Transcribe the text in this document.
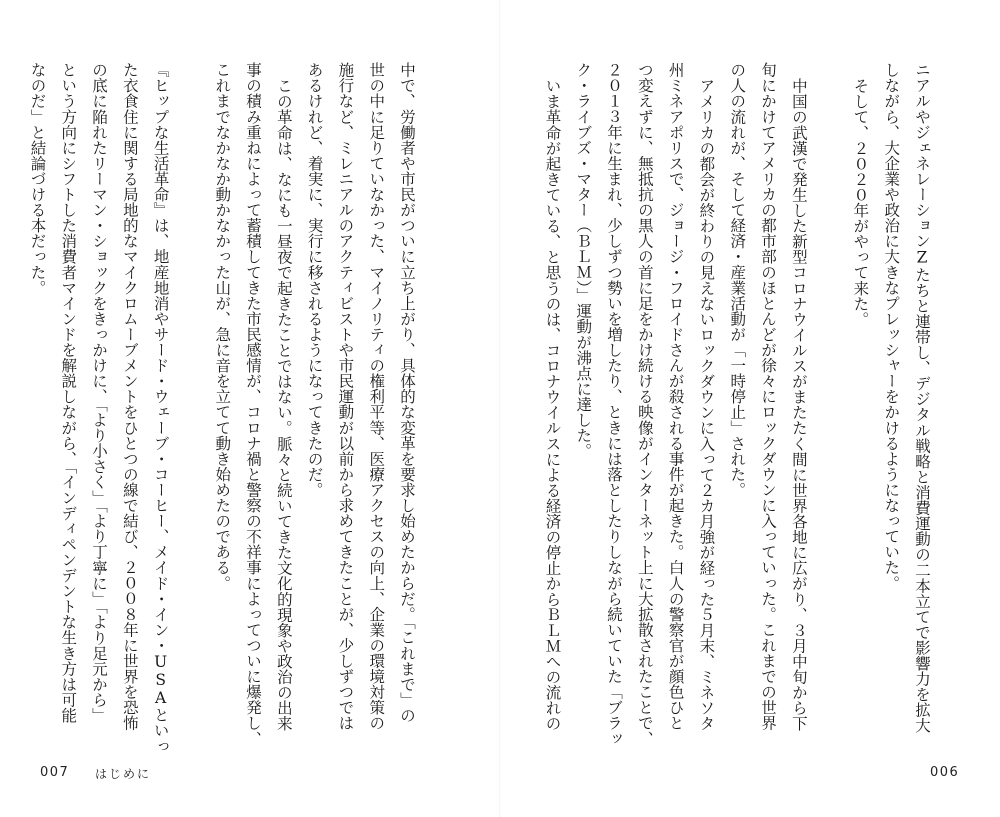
中で、労働者や市民がついに立ち上がり、具体的な変革を要求し始めたからだ。「これまで」の
世の中に足りていなかった、マイノリティの権利平等、医療アクセスの向上、企業の環境対策の
施行など、ミレニアルのアクティビストや市民運動が以前から求めてきたことが、少しずつでは
あるけれど、着実に、実行に移されるようになってきたのだ。
この革命は、なにも一昼夜で起きたことではない。脈々と続いてきた文化的現象や政治の出来
事の積み重ねによって蓄積してきた市民感情が、コロナ禍と警察の不祥事によってついに爆発し、
これまでなかなか動かなかった山が、急に音を立てて動き始めたのである。

『ヒップな生活革命』は、地産地消やサード・ウェーブ・コーヒー、メイド・イン・USAといっ
た衣食住に関する局地的なマイクロムーブメントをひとつの線で結び、２００８年に世界を恐怖
の底に陥れたリーマン・ショックをきっかけに、「より小さく」「より丁寧に」「より足元から」
という方向にシフトした消費者マインドを解説しながら、「インディペンデントな生き方は可能
なのだ」と結論づける本だった。
007 はじめに
ニアルやジェネレーションZたちと連帯し、デジタル戦略と消費運動の二本立てで影響力を拡大
しながら、大企業や政治に大きなプレッシャーをかけるようになっていた。
そして、２０２０年がやって来た。

中国の武漢で発生した新型コロナウイルスがまたたく間に世界各地に広がり、３月中旬から下
旬にかけてアメリカの都市部のほとんどが徐々にロックダウンに入っていった。これまでの世界
の人の流れが、そして経済・産業活動が「一時停止」された。
アメリカの都会が終わりの見えないロックダウンに入って２カ月強が経った５月末、ミネソタ
州ミネアポリスで、ジョージ・フロイドさんが殺される事件が起きた。白人の警察官が顔色ひと
つ変えずに、無抵抗の黒人の首に足をかけ続ける映像がインターネット上に大拡散されたことで、
２０１３年に生まれ、少しずつ勢いを増したり、ときには落としたりしながら続いていた「ブラッ
ク・ライブズ・マター（ＢＬＭ）」運動が沸点に達した。
いま革命が起きている、と思うのは、コロナウイルスによる経済の停止からＢＬＭへの流れの
006
